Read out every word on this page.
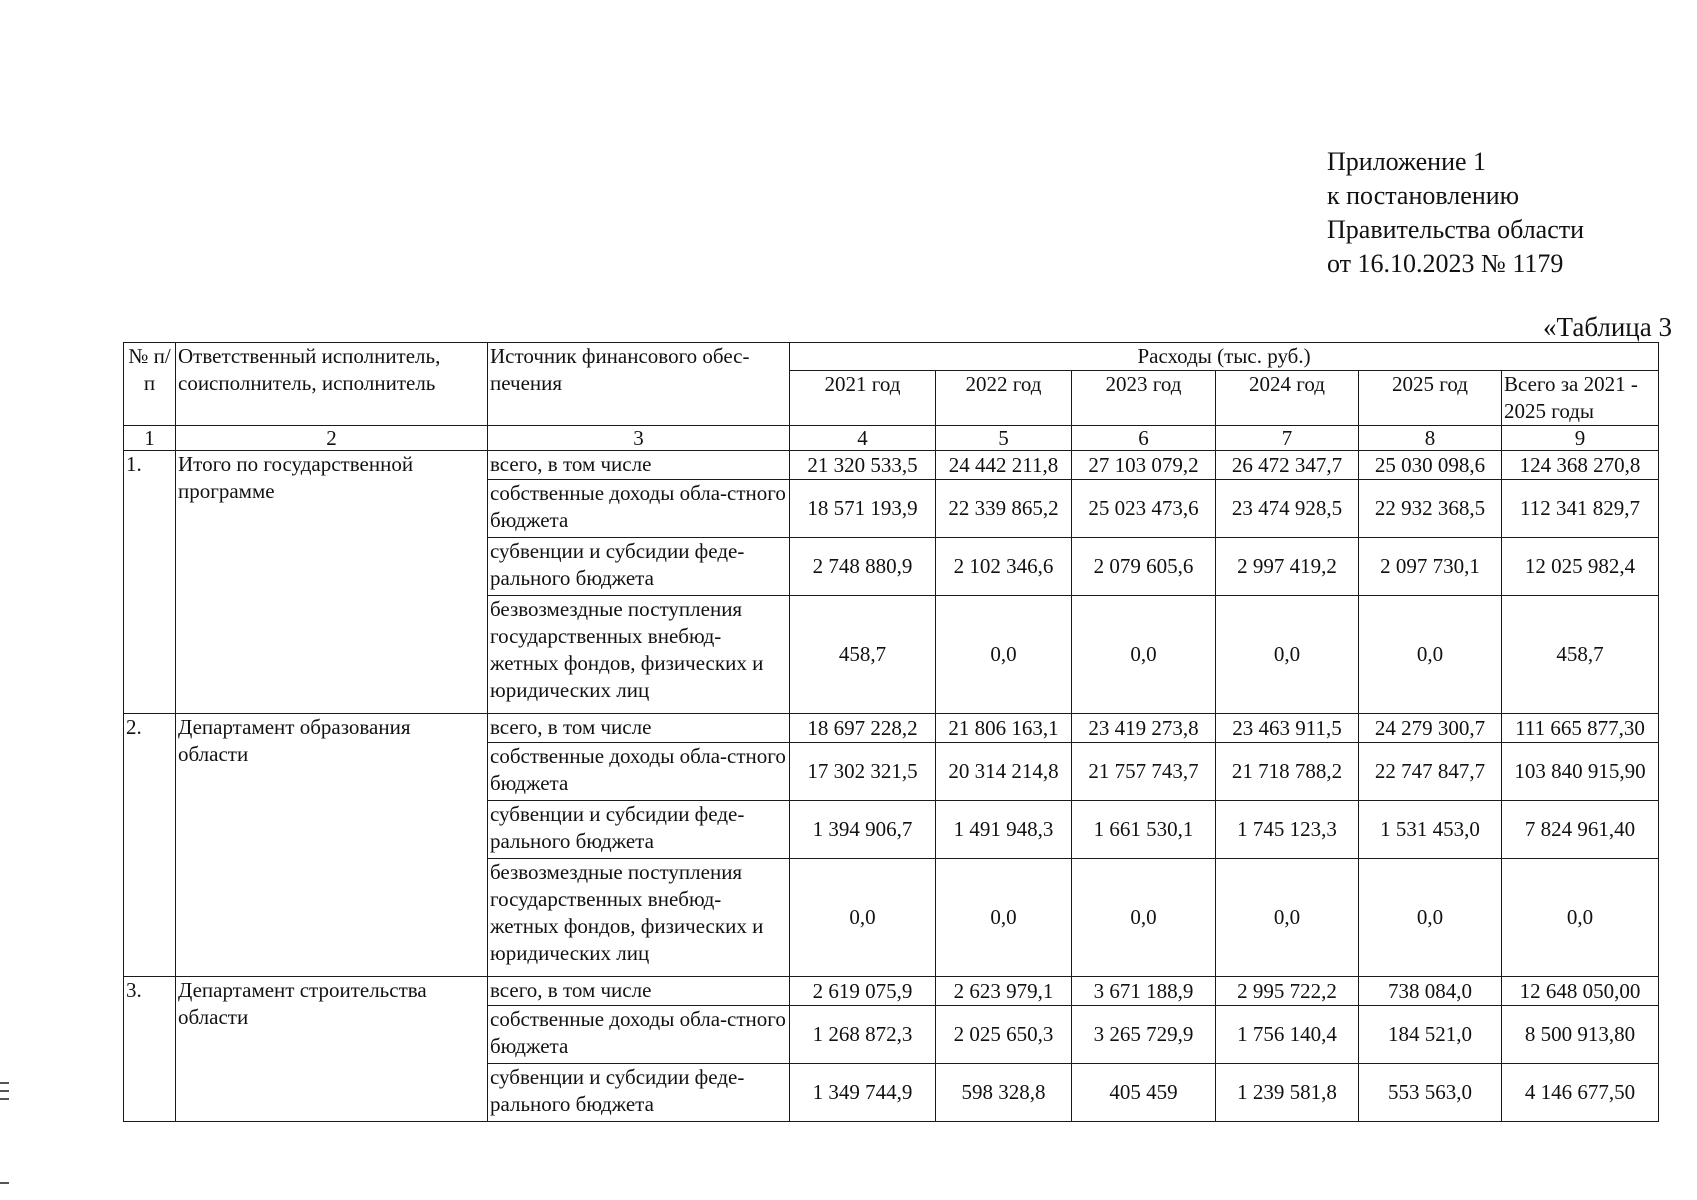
Приложение 1
к постановлению
Правительства области
от 16.10.2023 № 1179
«Таблица 3
№ п/п	Ответственный исполнитель, соисполнитель, исполнитель	Источник финансового обес-печения	Расходы (тыс. руб.)					
			2021 год	2022 год	2023 год	2024 год	2025 год	Всего за 2021 - 2025 годы
1	2	3	4	5	6	7	8	9
1.	Итого по государственной программе	всего, в том числе	21 320 533,5	24 442 211,8	27 103 079,2	26 472 347,7	25 030 098,6	124 368 270,8
		собственные доходы обла-стного бюджета	18 571 193,9	22 339 865,2	25 023 473,6	23 474 928,5	22 932 368,5	112 341 829,7
		субвенции и субсидии феде-рального бюджета	2 748 880,9	2 102 346,6	2 079 605,6	2 997 419,2	2 097 730,1	12 025 982,4
		безвозмездные поступления государственных внебюд-жетных фондов, физических и юридических лиц	458,7	0,0	0,0	0,0	0,0	458,7
2.	Департамент образования области	всего, в том числе	18 697 228,2	21 806 163,1	23 419 273,8	23 463 911,5	24 279 300,7	111 665 877,30
		собственные доходы обла-стного бюджета	17 302 321,5	20 314 214,8	21 757 743,7	21 718 788,2	22 747 847,7	103 840 915,90
		субвенции и субсидии феде-рального бюджета	1 394 906,7	1 491 948,3	1 661 530,1	1 745 123,3	1 531 453,0	7 824 961,40
		безвозмездные поступления государственных внебюд-жетных фондов, физических и юридических лиц	0,0	0,0	0,0	0,0	0,0	0,0
3.	Департамент строительства области	всего, в том числе	2 619 075,9	2 623 979,1	3 671 188,9	2 995 722,2	738 084,0	12 648 050,00
		собственные доходы обла-стного бюджета	1 268 872,3	2 025 650,3	3 265 729,9	1 756 140,4	184 521,0	8 500 913,80
		субвенции и субсидии феде-рального бюджета	1 349 744,9	598 328,8	405 459	1 239 581,8	553 563,0	4 146 677,50
